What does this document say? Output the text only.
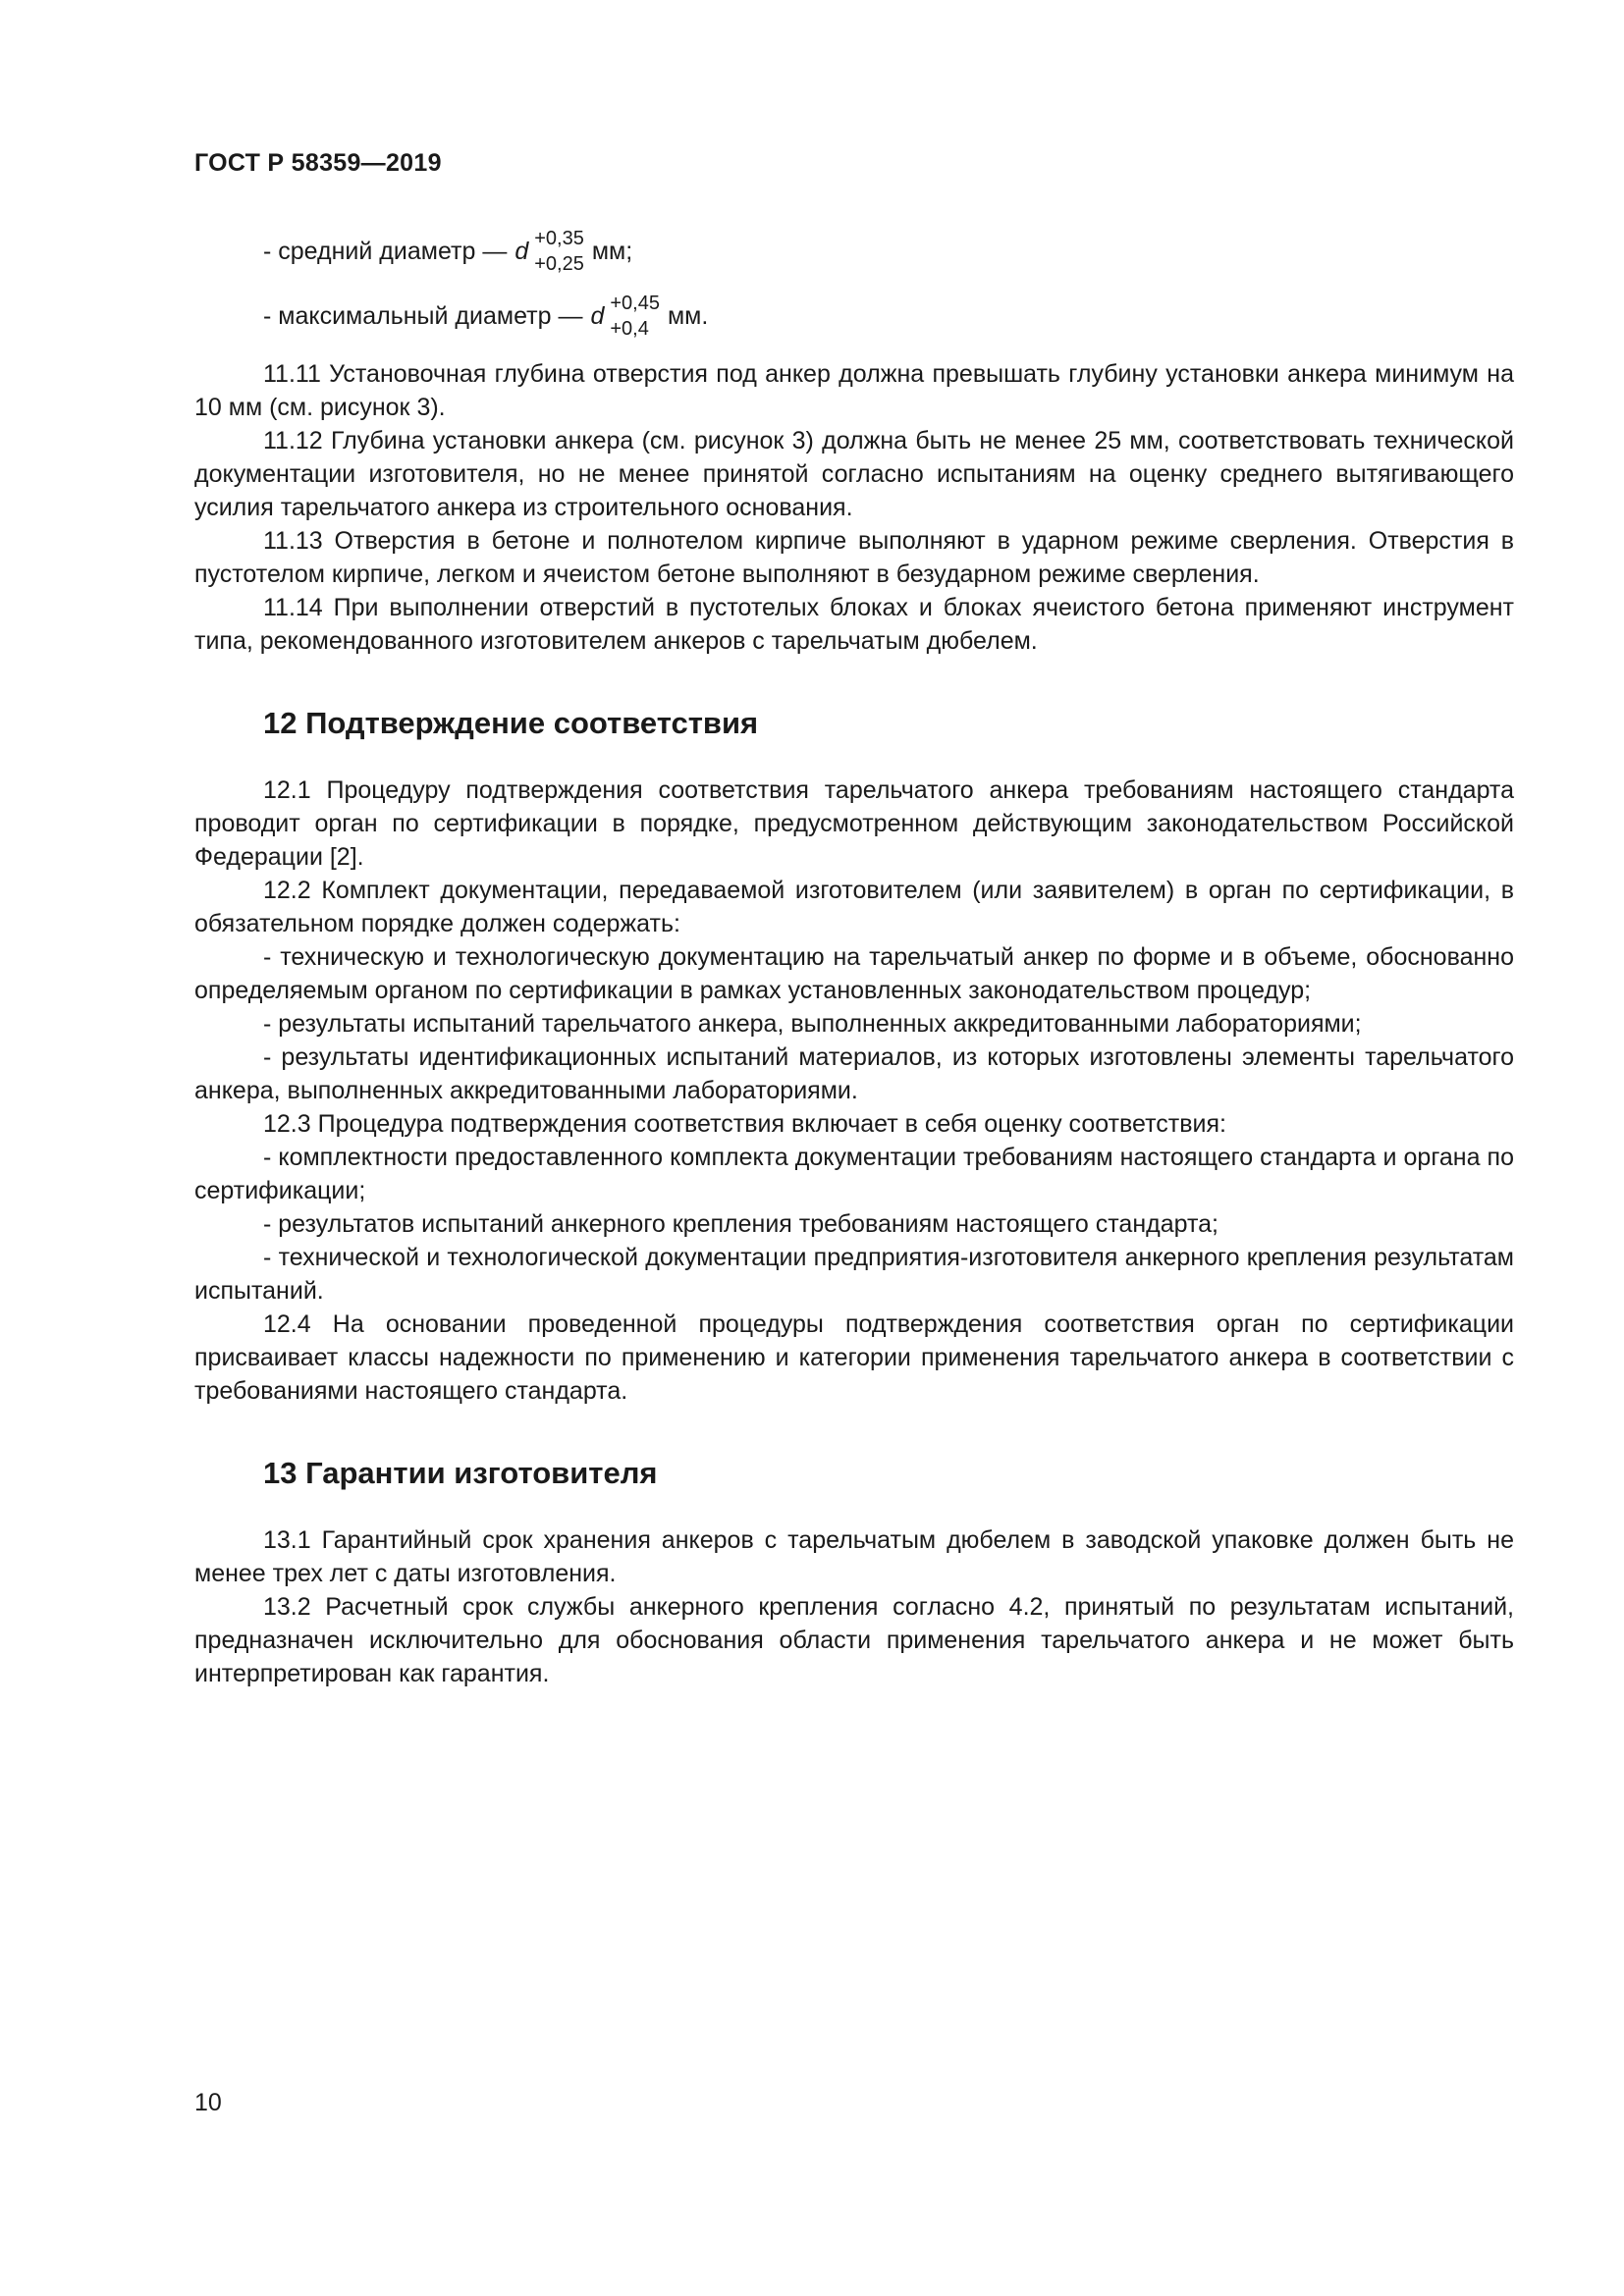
ГОСТ Р 58359—2019
- средний диаметр — d +0,35
+0,25 мм;
- максимальный диаметр — d +0,45
+0,4 мм.

11.11 Установочная глубина отверстия под анкер должна превышать глубину установки анкера минимум на 10 мм (см. рисунок 3).

11.12 Глубина установки анкера (см. рисунок 3) должна быть не менее 25 мм, соответствовать технической документации изготовителя, но не менее принятой согласно испытаниям на оценку среднего вытягивающего усилия тарельчатого анкера из строительного основания.

11.13 Отверстия в бетоне и полнотелом кирпиче выполняют в ударном режиме сверления. Отверстия в пустотелом кирпиче, легком и ячеистом бетоне выполняют в безударном режиме сверления.

11.14 При выполнении отверстий в пустотелых блоках и блоках ячеистого бетона применяют инструмент типа, рекомендованного изготовителем анкеров с тарельчатым дюбелем.

12 Подтверждение соответствия

12.1 Процедуру подтверждения соответствия тарельчатого анкера требованиям настоящего стандарта проводит орган по сертификации в порядке, предусмотренном действующим законодательством Российской Федерации [2].

12.2 Комплект документации, передаваемой изготовителем (или заявителем) в орган по сертификации, в обязательном порядке должен содержать:

- техническую и технологическую документацию на тарельчатый анкер по форме и в объеме, обоснованно определяемым органом по сертификации в рамках установленных законодательством процедур;

- результаты испытаний тарельчатого анкера, выполненных аккредитованными лабораториями;

- результаты идентификационных испытаний материалов, из которых изготовлены элементы тарельчатого анкера, выполненных аккредитованными лабораториями.

12.3 Процедура подтверждения соответствия включает в себя оценку соответствия:

- комплектности предоставленного комплекта документации требованиям настоящего стандарта и органа по сертификации;

- результатов испытаний анкерного крепления требованиям настоящего стандарта;

- технической и технологической документации предприятия-изготовителя анкерного крепления результатам испытаний.

12.4 На основании проведенной процедуры подтверждения соответствия орган по сертификации присваивает классы надежности по применению и категории применения тарельчатого анкера в соответствии с требованиями настоящего стандарта.

13 Гарантии изготовителя

13.1 Гарантийный срок хранения анкеров с тарельчатым дюбелем в заводской упаковке должен быть не менее трех лет с даты изготовления.

13.2 Расчетный срок службы анкерного крепления согласно 4.2, принятый по результатам испытаний, предназначен исключительно для обоснования области применения тарельчатого анкера и не может быть интерпретирован как гарантия.

10
